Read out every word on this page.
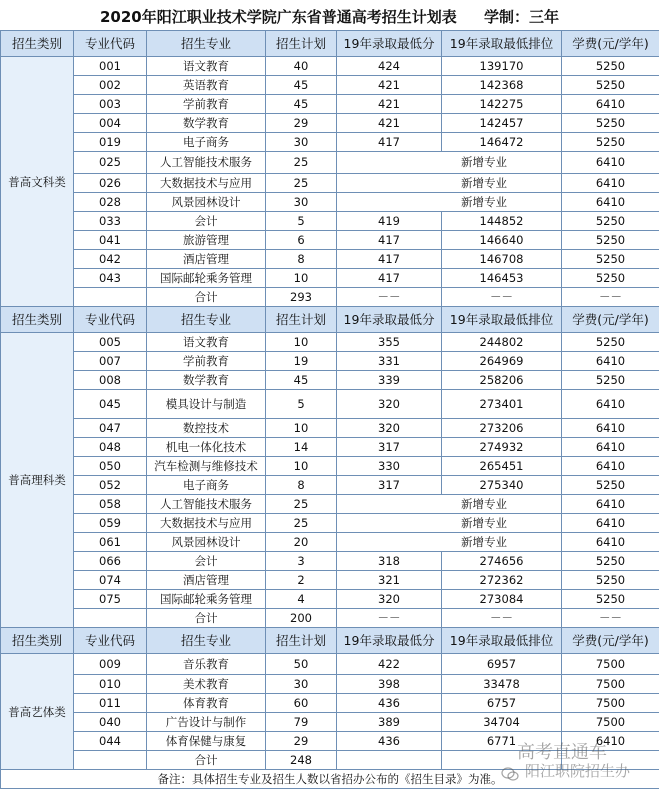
2020年阳江职业技术学院广东省普通高考招生计划表 学制：三年
招生类别	专业代码	招生专业	招生计划	19年录取最低分	19年录取最低排位	学费(元/学年)
普高文科类	001	语文教育	40	424	139170	5250
	002	英语教育	45	421	142368	5250
	003	学前教育	45	421	142275	6410
	004	数学教育	29	421	142457	5250
	019	电子商务	30	417	146472	5250
	025	人工智能技术服务	25	新增专业		6410
	026	大数据技术与应用	25	新增专业		6410
	028	风景园林设计	30	新增专业		6410
	033	会计	5	419	144852	5250
	041	旅游管理	6	417	146640	5250
	042	酒店管理	8	417	146708	5250
	043	国际邮轮乘务管理	10	417	146453	5250
		合计	293	－－	－－	－－
招生类别	专业代码	招生专业	招生计划	19年录取最低分	19年录取最低排位	学费(元/学年)
普高理科类	005	语文教育	10	355	244802	5250
	007	学前教育	19	331	264969	6410
	008	数学教育	45	339	258206	5250
	045	模具设计与制造	5	320	273401	6410
	047	数控技术	10	320	273206	6410
	048	机电一体化技术	14	317	274932	6410
	050	汽车检测与维修技术	10	330	265451	6410
	052	电子商务	8	317	275340	5250
	058	人工智能技术服务	25	新增专业		6410
	059	大数据技术与应用	25	新增专业		6410
	061	风景园林设计	20	新增专业		6410
	066	会计	3	318	274656	5250
	074	酒店管理	2	321	272362	5250
	075	国际邮轮乘务管理	4	320	273084	5250
		合计	200	－－	－－	－－
招生类别	专业代码	招生专业	招生计划	19年录取最低分	19年录取最低排位	学费(元/学年)
普高艺体类	009	音乐教育	50	422	6957	7500
	010	美术教育	30	398	33478	7500
	011	体育教育	60	436	6757	7500
	040	广告设计与制作	79	389	34704	7500
	044	体育保健与康复	29	436	6771	6410
		合计	248			
备注：具体招生专业及招生人数以省招办公布的《招生目录》为准。						
高考直通车
阳江职院招生办
